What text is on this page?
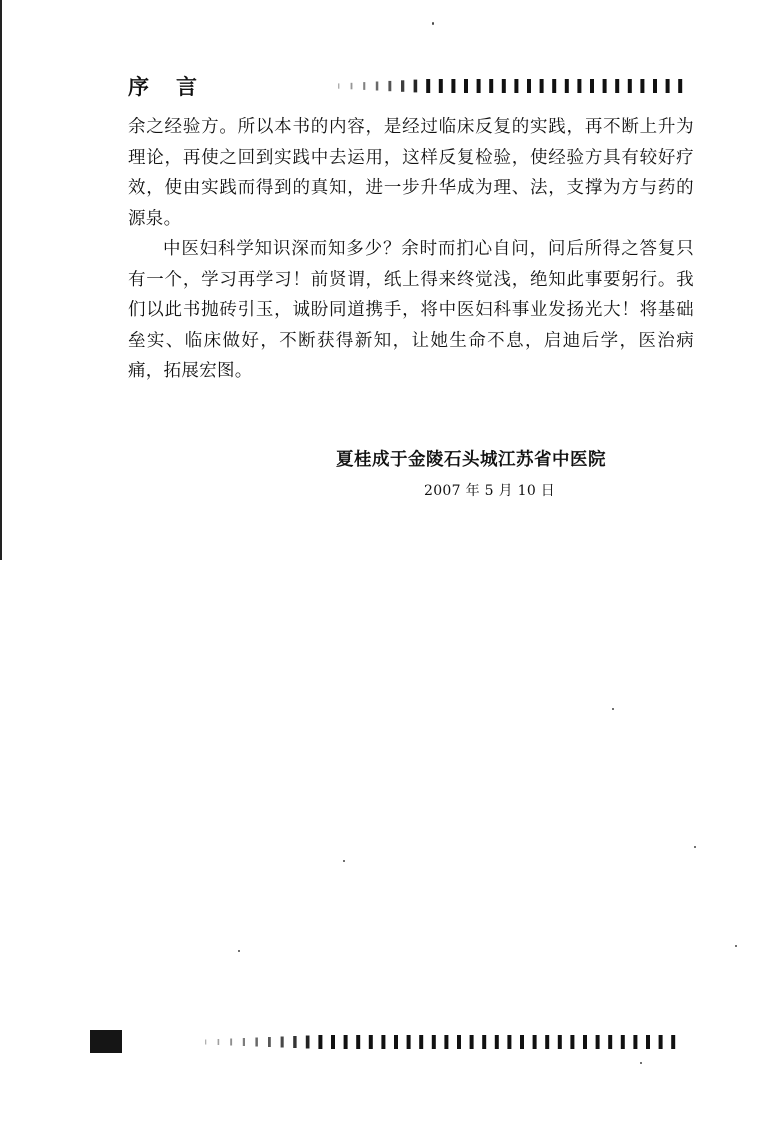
序言

余之经验方。所以本书的内容，是经过临床反复的实践，再不断上升为理论，再使之回到实践中去运用，这样反复检验，使经验方具有较好疗效，使由实践而得到的真知，进一步升华成为理、法，支撑为方与药的源泉。

中医妇科学知识深而知多少？余时而扪心自问，问后所得之答复只有一个，学习再学习！前贤谓，纸上得来终觉浅，绝知此事要躬行。我们以此书抛砖引玉，诚盼同道携手，将中医妇科事业发扬光大！将基础垒实、临床做好，不断获得新知，让她生命不息，启迪后学，医治病痛，拓展宏图。

夏桂成于金陵石头城江苏省中医院
2007 年 5 月 10 日
